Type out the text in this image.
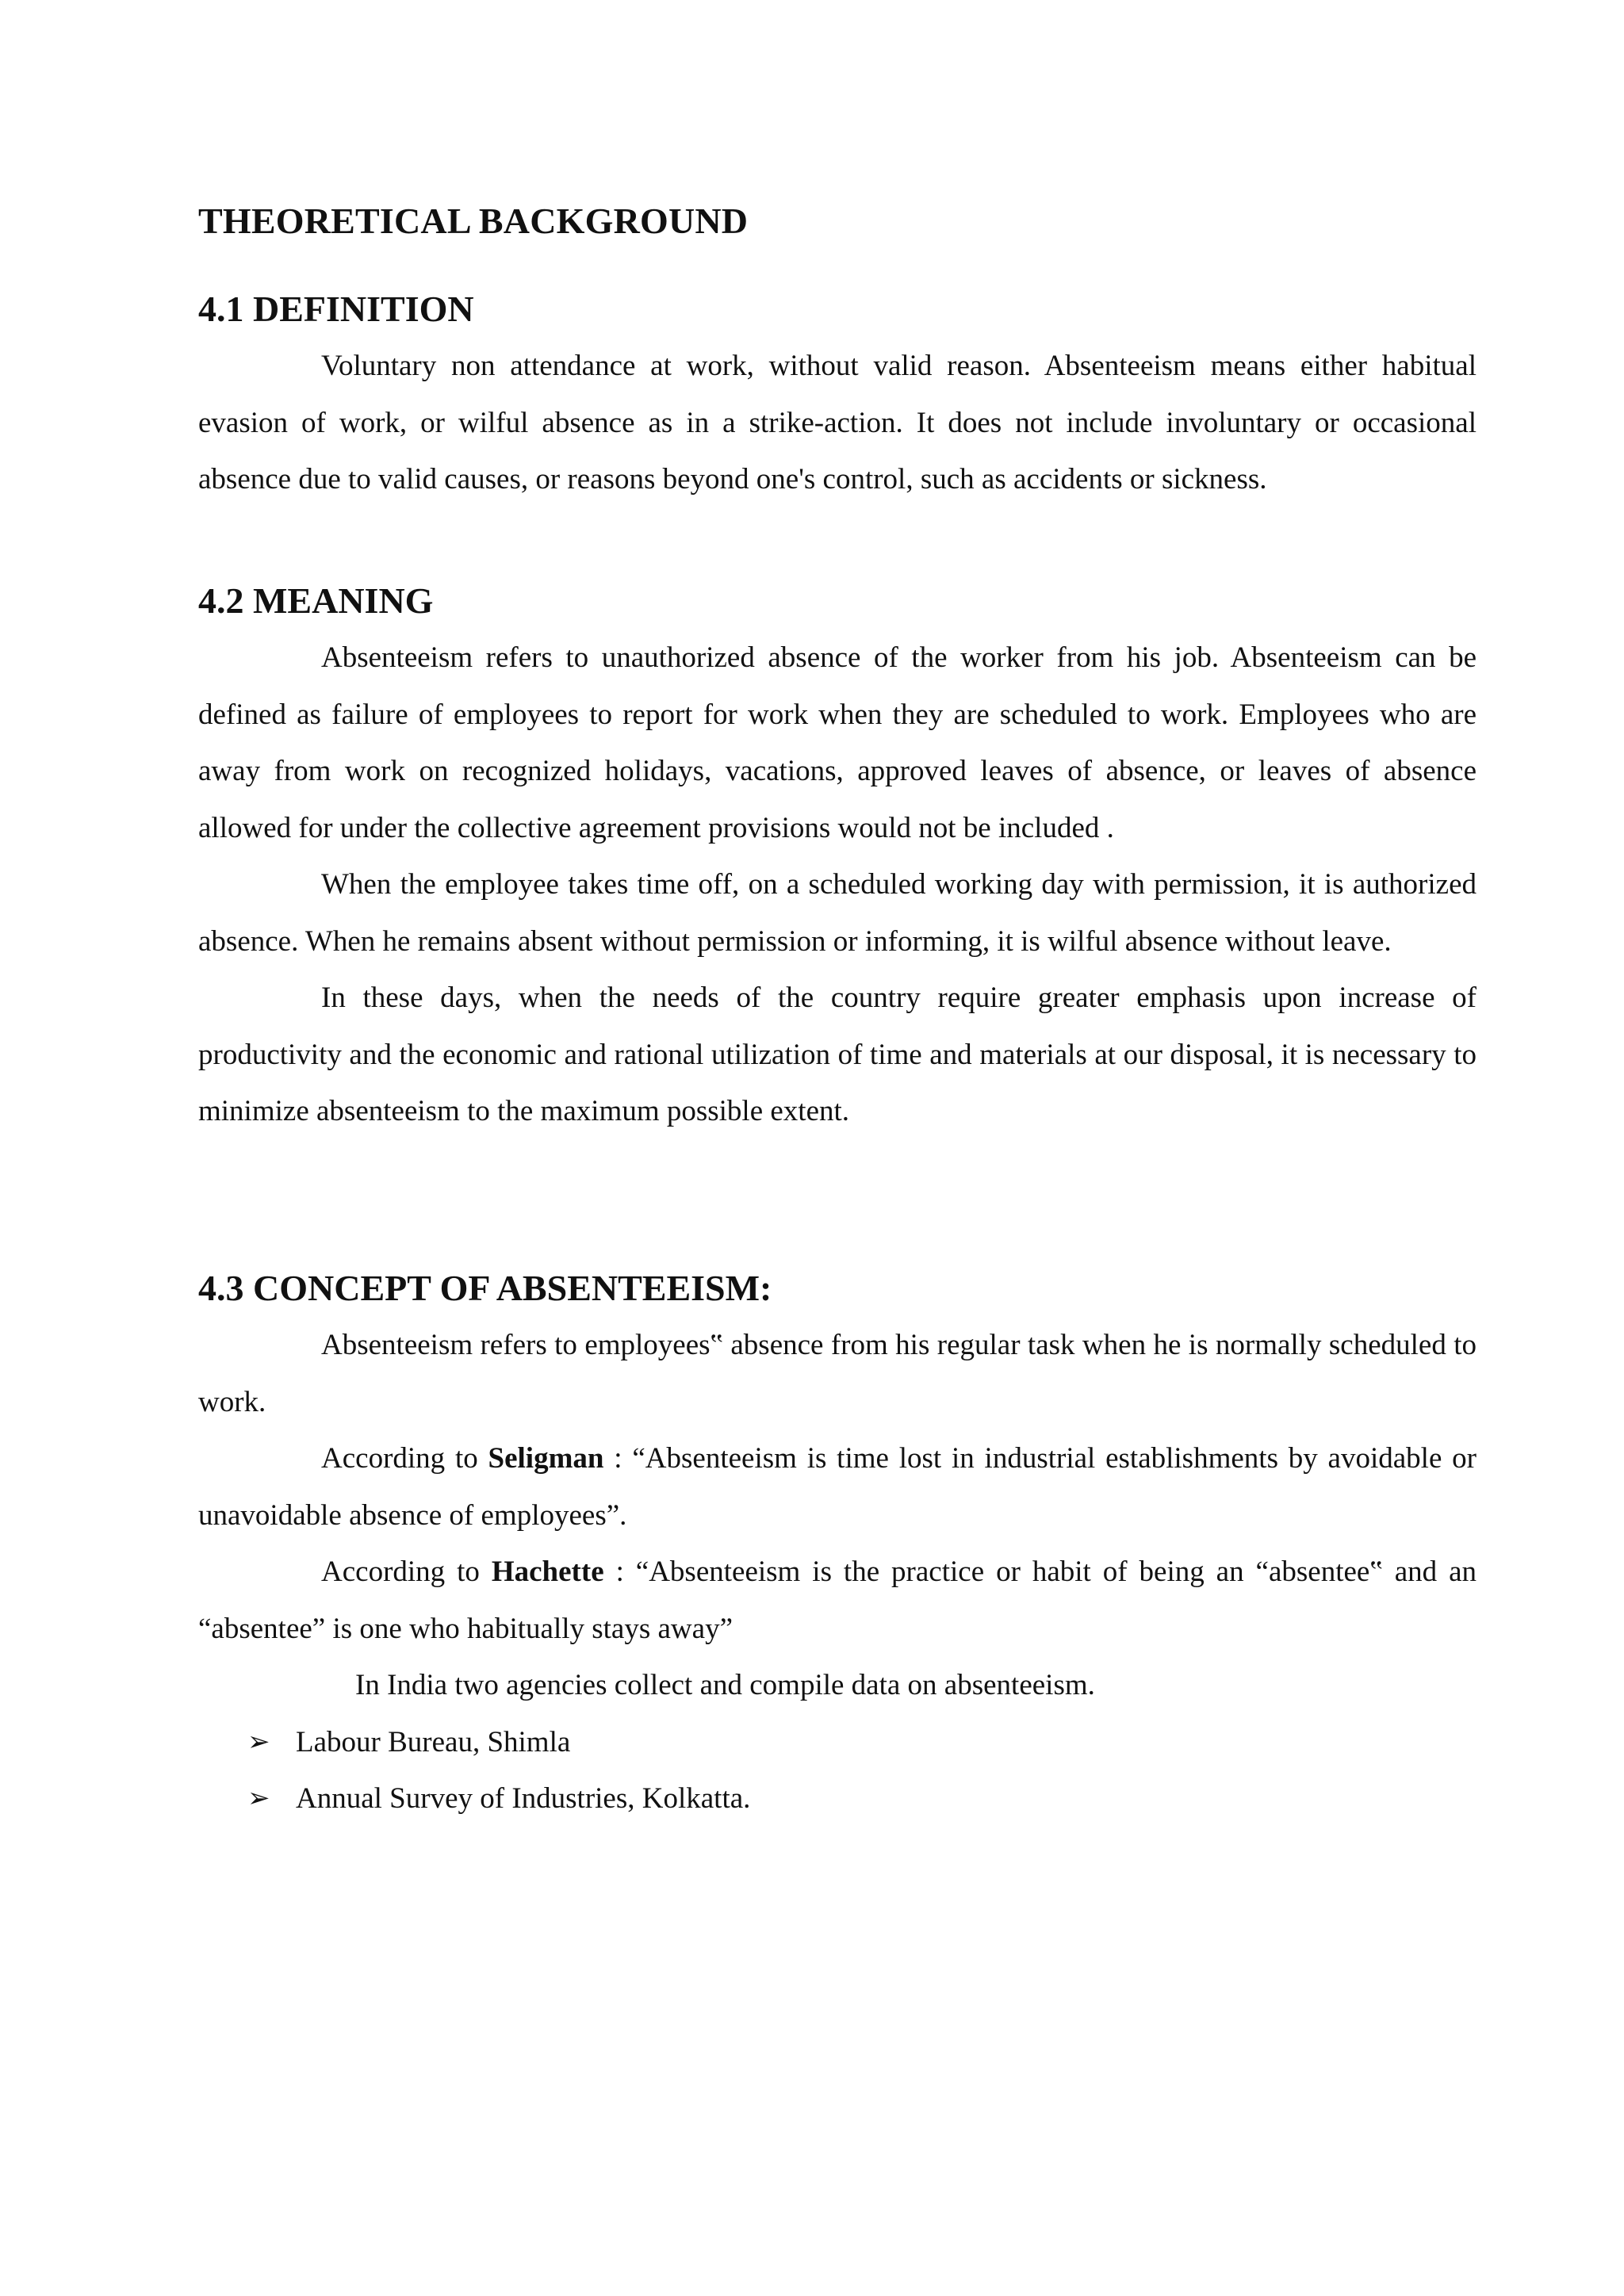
THEORETICAL BACKGROUND
4.1 DEFINITION

Voluntary non attendance at work, without valid reason. Absenteeism means either habitual evasion of work, or wilful absence as in a strike-action. It does not include involuntary or occasional absence due to valid causes, or reasons beyond one's control, such as accidents or sickness.

4.2 MEANING

Absenteeism refers to unauthorized absence of the worker from his job. Absenteeism can be defined as failure of employees to report for work when they are scheduled to work. Employees who are away from work on recognized holidays, vacations, approved leaves of absence, or leaves of absence allowed for under the collective agreement provisions would not be included .

When the employee takes time off, on a scheduled working day with permission, it is authorized absence. When he remains absent without permission or informing, it is wilful absence without leave.

In these days, when the needs of the country require greater emphasis upon increase of productivity and the economic and rational utilization of time and materials at our disposal, it is necessary to minimize absenteeism to the maximum possible extent.

4.3 CONCEPT OF ABSENTEEISM:

Absenteeism refers to employees‟ absence from his regular task when he is normally scheduled to work.

According to Seligman : “Absenteeism is time lost in industrial establishments by avoidable or unavoidable absence of employees”.

According to Hachette : “Absenteeism is the practice or habit of being an “absentee‟ and an “absentee” is one who habitually stays away”

In India two agencies collect and compile data on absenteeism.

➢ Labour Bureau, Shimla
➢ Annual Survey of Industries, Kolkatta.
